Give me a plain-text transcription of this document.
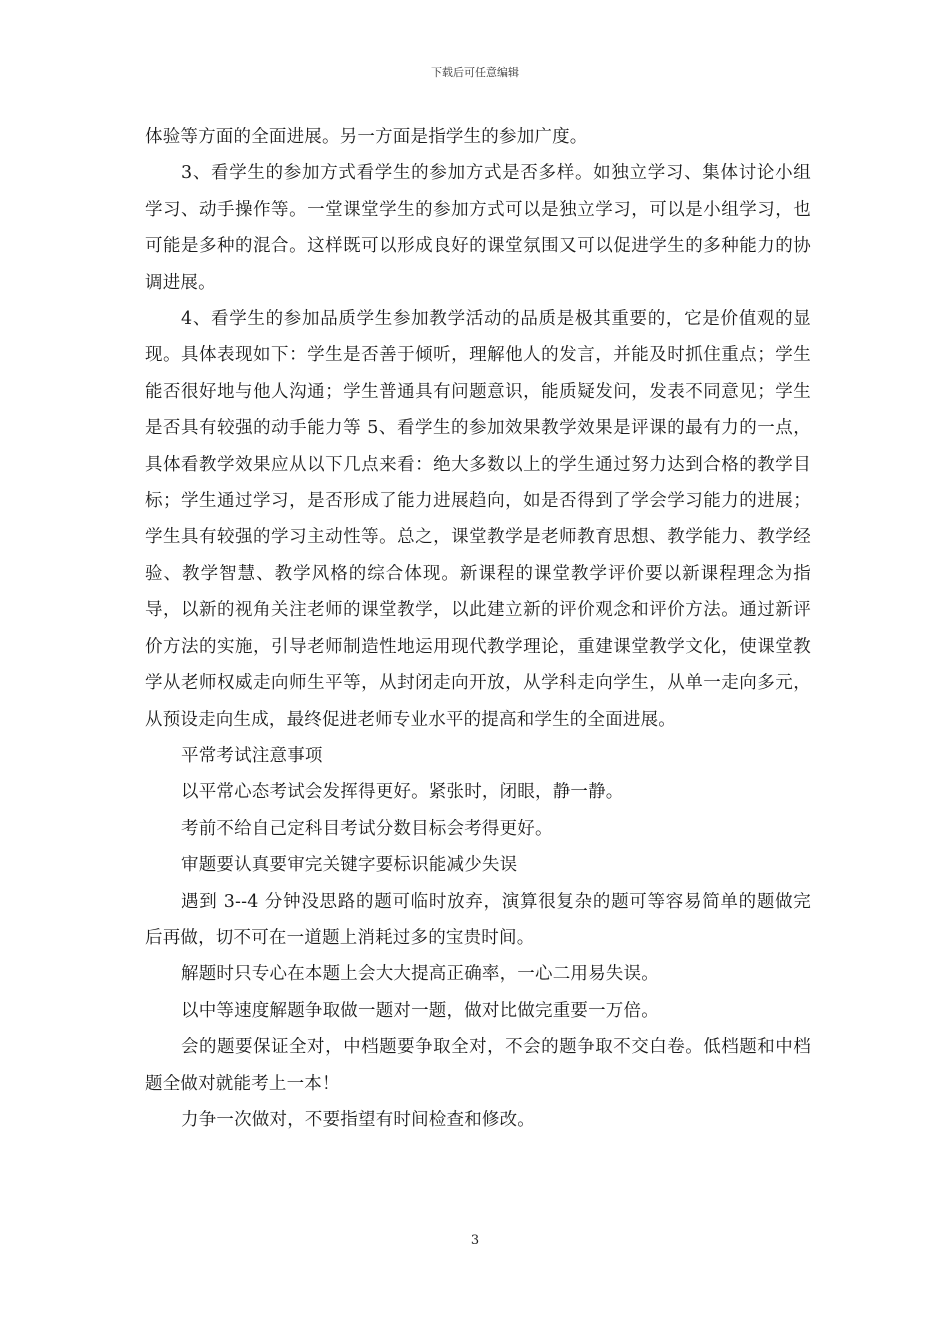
下载后可任意编辑

体验等方面的全面进展。另一方面是指学生的参加广度。

3、看学生的参加方式看学生的参加方式是否多样。如独立学习、集体讨论小组学习、动手操作等。一堂课堂学生的参加方式可以是独立学习，可以是小组学习，也可能是多种的混合。这样既可以形成良好的课堂氛围又可以促进学生的多种能力的协调进展。

4、看学生的参加品质学生参加教学活动的品质是极其重要的，它是价值观的显现。具体表现如下：学生是否善于倾听，理解他人的发言，并能及时抓住重点；学生能否很好地与他人沟通；学生普通具有问题意识，能质疑发问，发表不同意见；学生是否具有较强的动手能力等 5、看学生的参加效果教学效果是评课的最有力的一点，具体看教学效果应从以下几点来看：绝大多数以上的学生通过努力达到合格的教学目标；学生通过学习，是否形成了能力进展趋向，如是否得到了学会学习能力的进展；学生具有较强的学习主动性等。总之，课堂教学是老师教育思想、教学能力、教学经验、教学智慧、教学风格的综合体现。新课程的课堂教学评价要以新课程理念为指导，以新的视角关注老师的课堂教学，以此建立新的评价观念和评价方法。通过新评价方法的实施，引导老师制造性地运用现代教学理论，重建课堂教学文化，使课堂教学从老师权威走向师生平等，从封闭走向开放，从学科走向学生，从单一走向多元，从预设走向生成，最终促进老师专业水平的提高和学生的全面进展。

平常考试注意事项

以平常心态考试会发挥得更好。紧张时，闭眼，静一静。

考前不给自己定科目考试分数目标会考得更好。

审题要认真要审完关键字要标识能减少失误

遇到 3--4 分钟没思路的题可临时放弃，演算很复杂的题可等容易简单的题做完后再做，切不可在一道题上消耗过多的宝贵时间。

解题时只专心在本题上会大大提高正确率，一心二用易失误。

以中等速度解题争取做一题对一题，做对比做完重要一万倍。

会的题要保证全对，中档题要争取全对，不会的题争取不交白卷。低档题和中档题全做对就能考上一本！

力争一次做对，不要指望有时间检查和修改。

3
